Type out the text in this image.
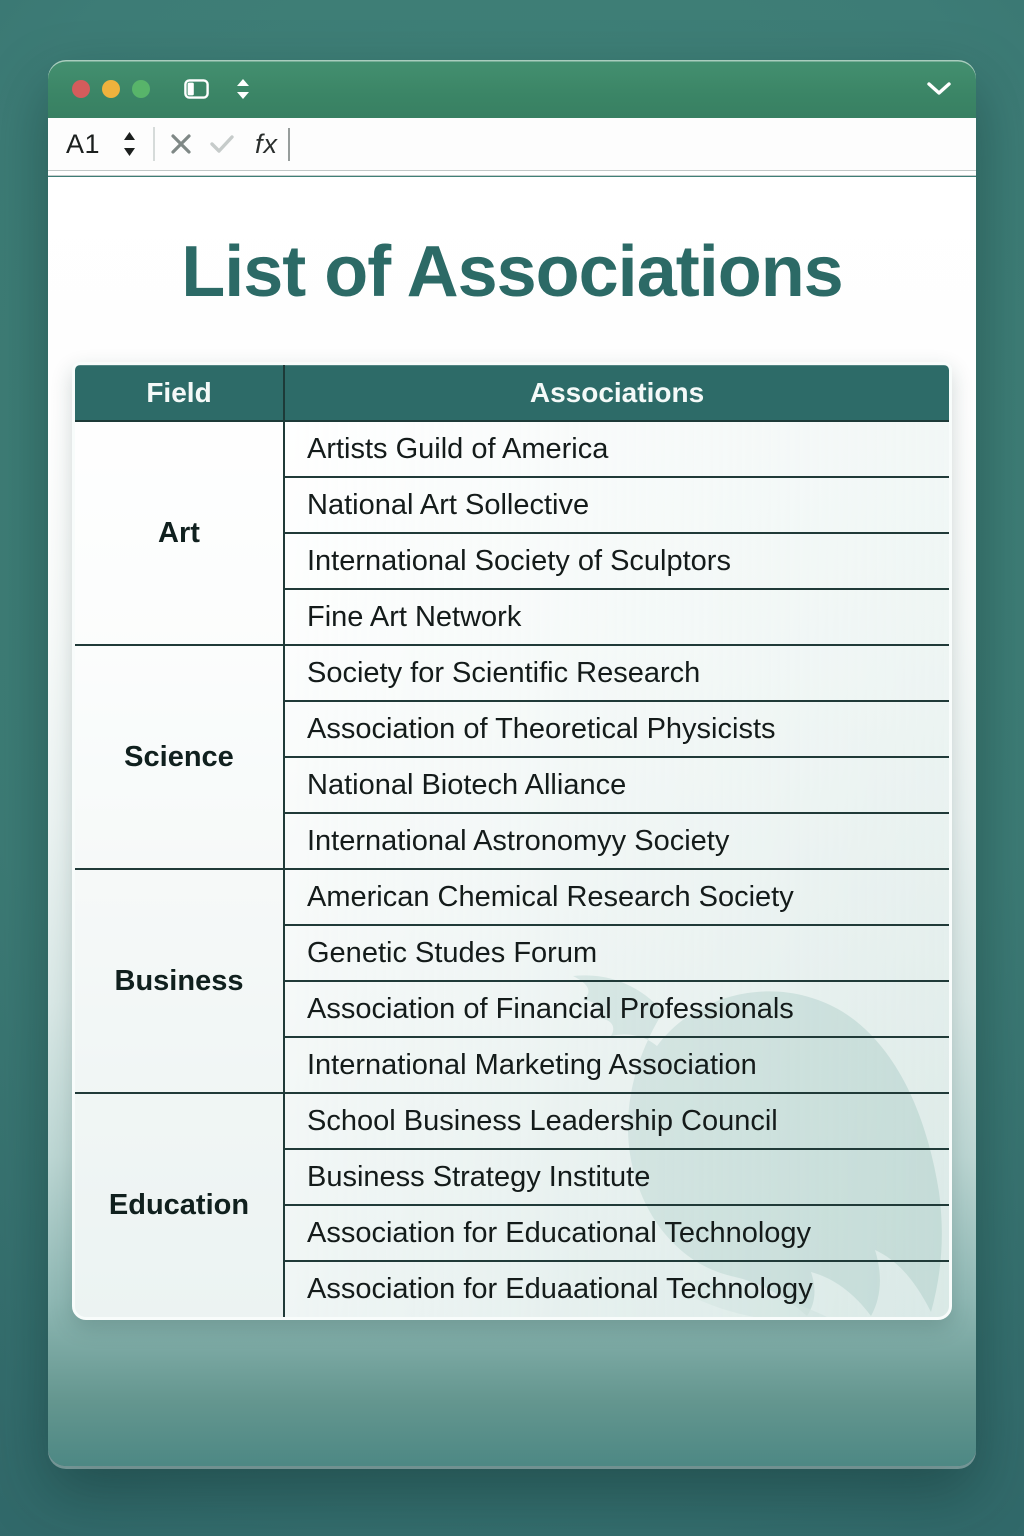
A1	fx
List of Associations
Field	Associations
Art	Artists Guild of America
	National Art Sollective
	International Society of Sculptors
	Fine Art Network
Science	Society for Scientific Research
	Association of Theoretical Physicists
	National Biotech Alliance
	International Astronomyy Society
Business	American Chemical Research Society
	Genetic Studes Forum
	Association of Financial Professionals
	International Marketing Association
Education	School Business Leadership Council
	Business Strategy Institute
	Association for Educational Technology
	Association for Eduaational Technology
